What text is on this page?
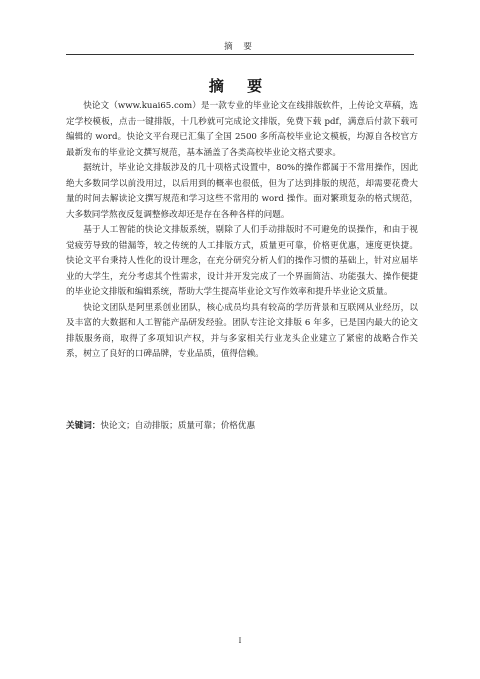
摘 要
摘 要

快论文（www.kuai65.com）是一款专业的毕业论文在线排版软件，上传论文草稿，选定学校模板，点击一键排版，十几秒就可完成论文排版，免费下载 pdf，满意后付款下载可编辑的 word。快论文平台现已汇集了全国 2500 多所高校毕业论文模板，均源自各校官方最新发布的毕业论文撰写规范，基本涵盖了各类高校毕业论文格式要求。

据统计，毕业论文排版涉及的几十项格式设置中，80%的操作都属于不常用操作，因此绝大多数同学以前没用过，以后用到的概率也很低，但为了达到排版的规范，却需要花费大量的时间去解读论文撰写规范和学习这些不常用的 word 操作。面对繁琐复杂的格式规范，大多数同学熬夜反复调整修改却还是存在各种各样的问题。

基于人工智能的快论文排版系统，剔除了人们手动排版时不可避免的误操作，和由于视觉疲劳导致的错漏等，较之传统的人工排版方式，质量更可靠，价格更优惠，速度更快捷。快论文平台秉持人性化的设计理念，在充分研究分析人们的操作习惯的基础上，针对应届毕业的大学生，充分考虑其个性需求，设计并开发完成了一个界面简洁、功能强大、操作便捷的毕业论文排版和编辑系统，帮助大学生提高毕业论文写作效率和提升毕业论文质量。

快论文团队是阿里系创业团队，核心成员均具有较高的学历背景和互联网从业经历，以及丰富的大数据和人工智能产品研发经验。团队专注论文排版 6 年多，已是国内最大的论文排版服务商，取得了多项知识产权，并与多家相关行业龙头企业建立了紧密的战略合作关系，树立了良好的口碑品牌，专业品质，值得信赖。

关键词：快论文；自动排版；质量可靠；价格优惠
I
